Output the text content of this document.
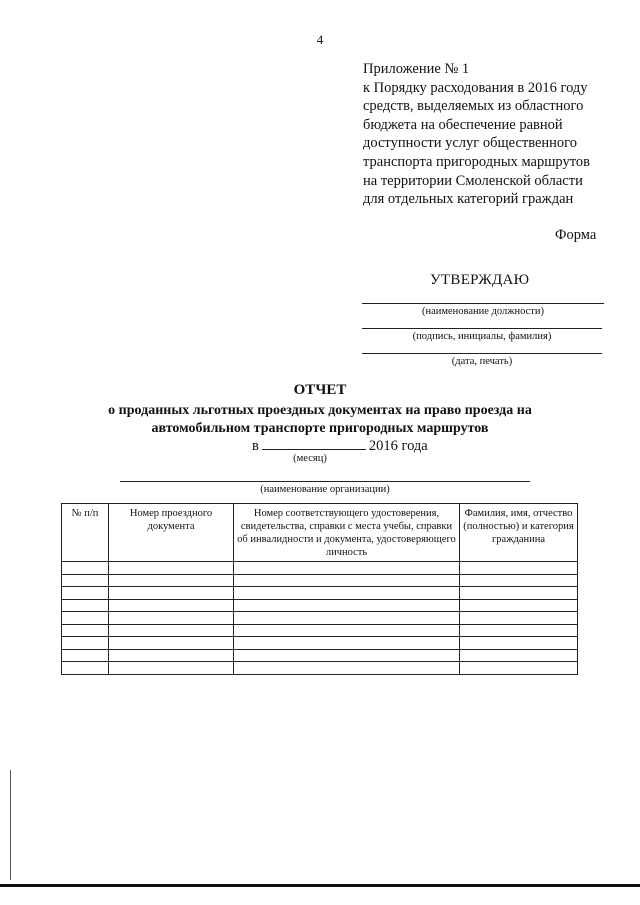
4
Приложение № 1
к Порядку расходования в 2016 году
средств, выделяемых из областного
бюджета на обеспечение равной
доступности услуг общественного
транспорта пригородных маршрутов
на территории Смоленской области
для отдельных категорий граждан
Форма
УТВЕРЖДАЮ
(наименование должности)
(подпись, инициалы, фамилия)
(дата, печать)
ОТЧЕТ
о проданных льготных проездных документах на право проезда на
автомобильном транспорте пригородных маршрутов
в	2016 года
(месяц)
(наименование организации)
№ п/п	Номер проездного документа	Номер соответствующего удостоверения, свидетельства, справки с места учебы, справки об инвалидности и документа, удостоверяющего личность	Фамилия, имя, отчество (полностью) и категория гражданина
